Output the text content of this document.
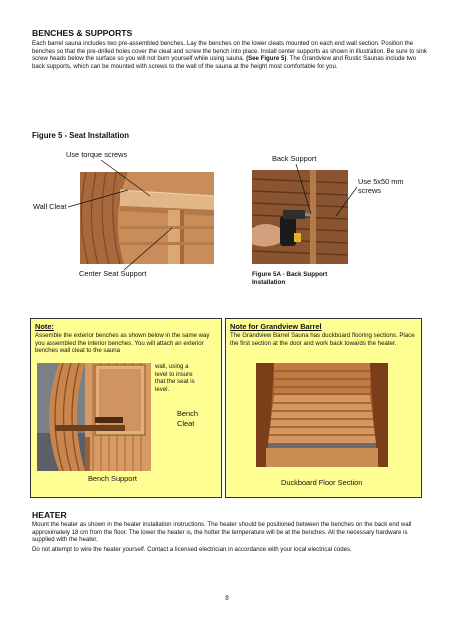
BENCHES & SUPPORTS

Each barrel sauna includes two pre-assembled benches. Lay the benches on the lower cleats mounted on each end wall section. Position the benches so that the pre-drilled holes cover the cleat and screw the bench into place. Install center supports as shown in illustration. Be sure to sink screw heads below the surface so you will not burn yourself while using sauna. (See Figure 5). The Grandview and Rustic Saunas include two back supports, which can be mounted with screws to the wall of the sauna at the height most comfortable for you.

Figure 5 - Seat Installation
Use torque screws
Wall Cleat
Center Seat Support
Back Support
Use 5x50 mm
screws
Figure 5A - Back Support
Installation
Note:

Assemble the exterior benches as shown below in the same way you assembled the interior benches. You will attach an exterior benches wall cleat to the sauna

wall, using a level to insure that the seat is level.

Bench
Cleat
Bench Support
Note for Grandview Barrel

The Grandview Barrel Sauna has duckboard flooring sections. Place the first section at the door and work back towards the heater.

Duckboard Floor Section
HEATER

Mount the heater as shown in the heater installation instructions. The heater should be positioned between the benches on the back end wall approximately 18 cm from the floor. The lower the heater is, the hotter the temperature will be at the benches. All the necessary hardware is supplied with the heater.

Do not attempt to wire the heater yourself. Contact a licensed electrician in accordance with your local electrical codes.

8
